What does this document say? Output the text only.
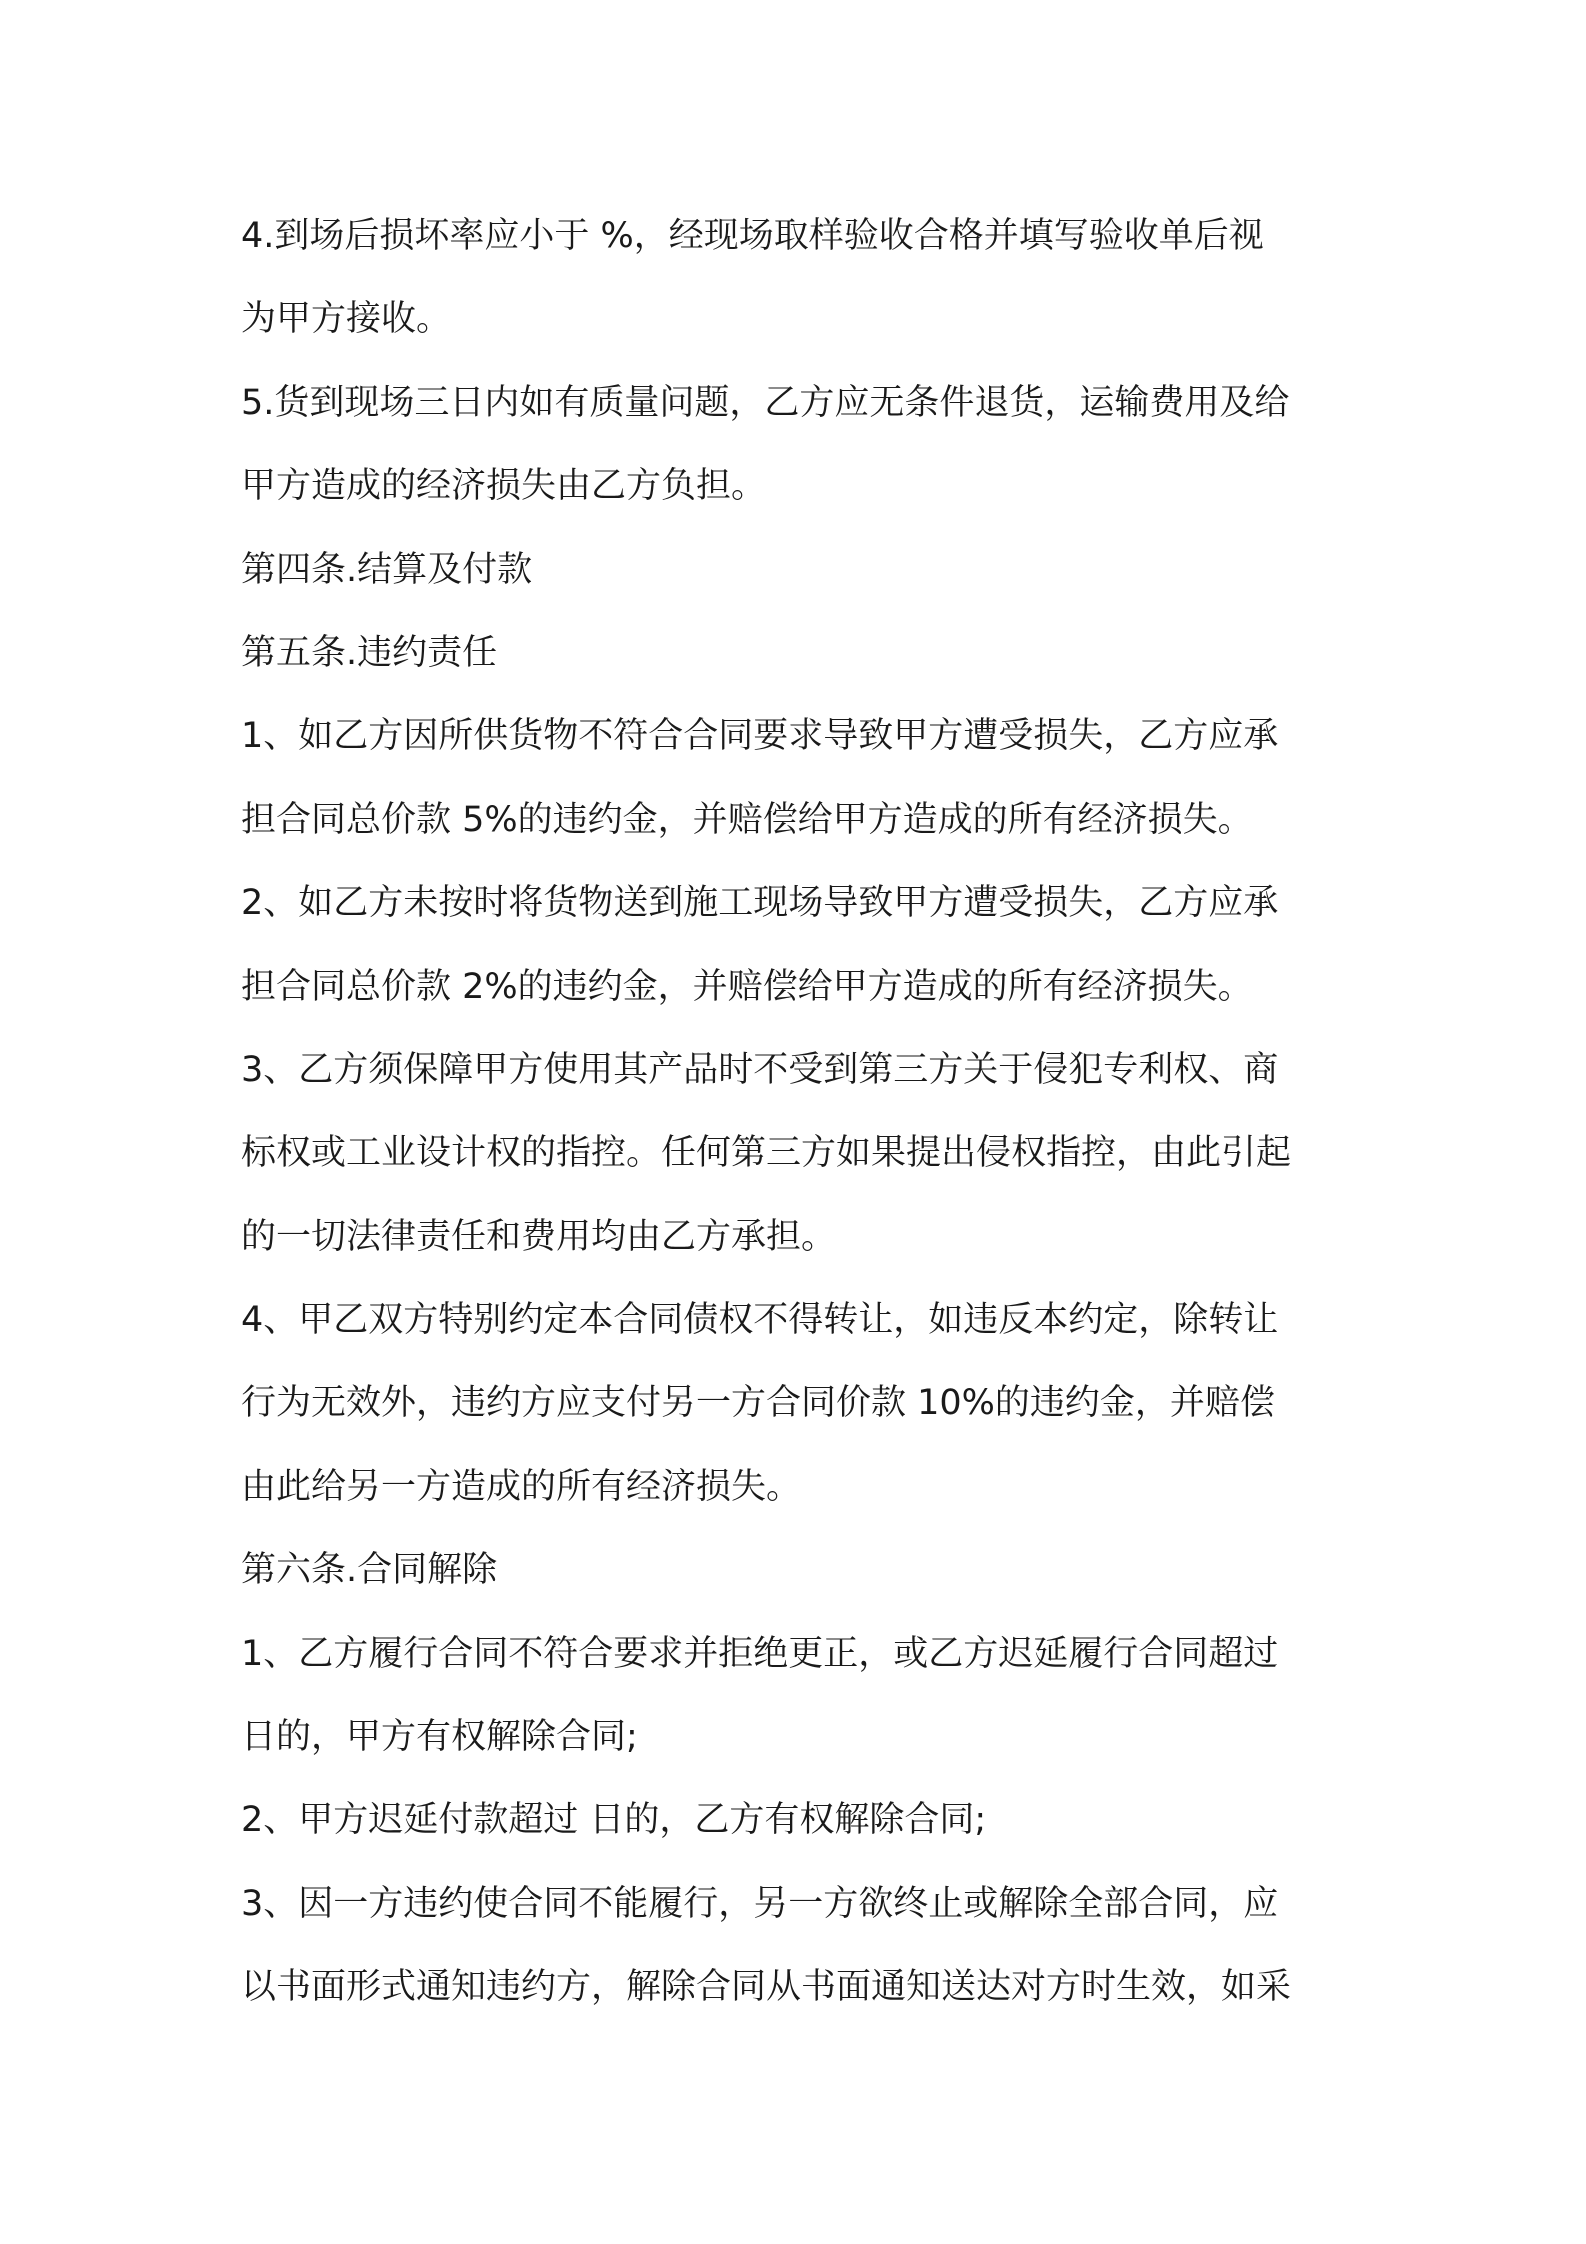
4.到场后损坏率应小于 %，经现场取样验收合格并填写验收单后视
为甲方接收。
5.货到现场三日内如有质量问题，乙方应无条件退货，运输费用及给
甲方造成的经济损失由乙方负担。
第四条.结算及付款
第五条.违约责任
1、如乙方因所供货物不符合合同要求导致甲方遭受损失，乙方应承
担合同总价款 5%的违约金，并赔偿给甲方造成的所有经济损失。
2、如乙方未按时将货物送到施工现场导致甲方遭受损失，乙方应承
担合同总价款 2%的违约金，并赔偿给甲方造成的所有经济损失。
3、乙方须保障甲方使用其产品时不受到第三方关于侵犯专利权、商
标权或工业设计权的指控。任何第三方如果提出侵权指控，由此引起
的一切法律责任和费用均由乙方承担。
4、甲乙双方特别约定本合同债权不得转让，如违反本约定，除转让
行为无效外，违约方应支付另一方合同价款 10%的违约金，并赔偿
由此给另一方造成的所有经济损失。
第六条.合同解除
1、乙方履行合同不符合要求并拒绝更正，或乙方迟延履行合同超过
日的，甲方有权解除合同;
2、甲方迟延付款超过 日的，乙方有权解除合同;
3、因一方违约使合同不能履行，另一方欲终止或解除全部合同，应
以书面形式通知违约方，解除合同从书面通知送达对方时生效，如采
